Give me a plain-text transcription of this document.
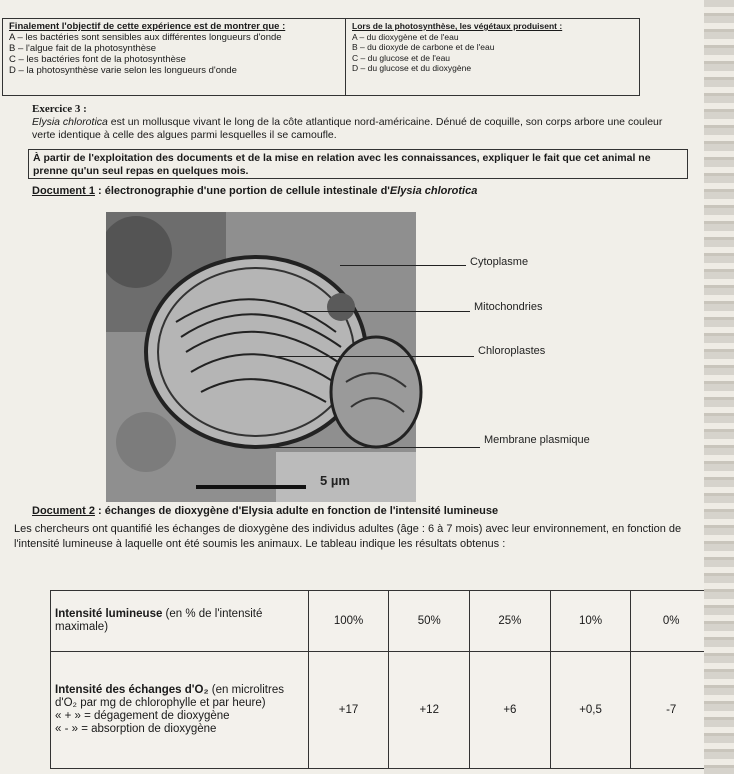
Finalement l'objectif de cette expérience est de montrer que :
A – les bactéries sont sensibles aux différentes longueurs d'onde
B – l'algue fait de la photosynthèse
C – les bactéries font de la photosynthèse
D – la photosynthèse varie selon les longueurs d'onde
Lors de la photosynthèse, les végétaux produisent :
A – du dioxygène et de l'eau
B – du dioxyde de carbone et de l'eau
C – du glucose et de l'eau
D – du glucose et du dioxygène
Exercice 3 :
Elysia chlorotica est un mollusque vivant le long de la côte atlantique nord-américaine. Dénué de coquille, son corps arbore une couleur verte identique à celle des algues parmi lesquelles il se camoufle.
À partir de l'exploitation des documents et de la mise en relation avec les connaissances, expliquer le fait que cet animal ne prenne qu'un seul repas en quelques mois.
Document 1 : électronographie d'une portion de cellule intestinale d'Elysia chlorotica
Cytoplasme
Mitochondries
Chloroplastes
Membrane plasmique
5 µm
Document 2 : échanges de dioxygène d'Elysia adulte en fonction de l'intensité lumineuse
Les chercheurs ont quantifié les échanges de dioxygène des individus adultes (âge : 6 à 7 mois) avec leur environnement, en fonction de l'intensité lumineuse à laquelle ont été soumis les animaux. Le tableau indique les résultats obtenus :
Intensité lumineuse (en % de l'intensité maximale)	100%	50%	25%	10%	0%
Intensité des échanges d'O₂ (en microlitres d'O₂ par mg de chlorophylle et par heure)
« + » = dégagement de dioxygène
« - » = absorption de dioxygène	+17	+12	+6	+0,5	-7
